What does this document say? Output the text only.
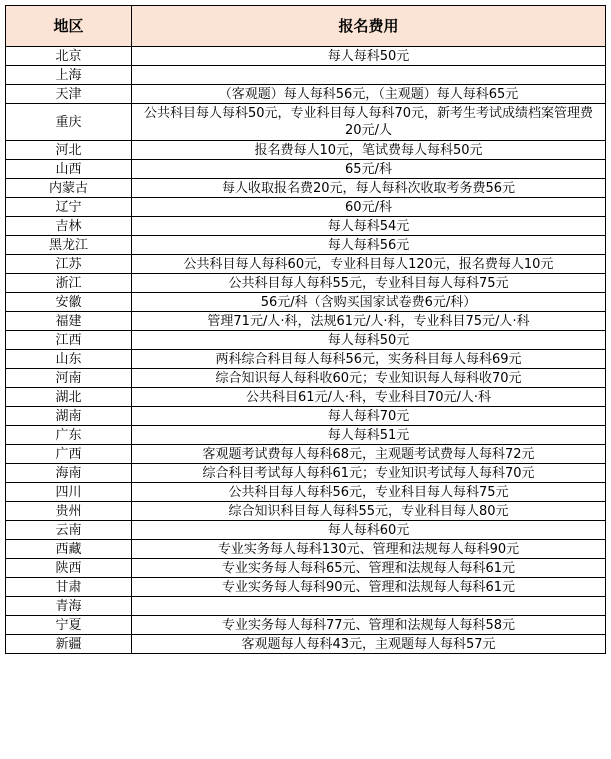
地区	报名费用
北京	每人每科50元
上海	
天津	（客观题）每人每科56元，（主观题）每人每科65元
重庆	公共科目每人每科50元，专业科目每人每科70元，新考生考试成绩档案管理费20元/人
河北	报名费每人10元，笔试费每人每科50元
山西	65元/科
内蒙古	每人收取报名费20元，每人每科次收取考务费56元
辽宁	60元/科
吉林	每人每科54元
黑龙江	每人每科56元
江苏	公共科目每人每科60元，专业科目每人120元，报名费每人10元
浙江	公共科目每人每科55元，专业科目每人每科75元
安徽	56元/科（含购买国家试卷费6元/科）
福建	管理71元/人·科，法规61元/人·科，专业科目75元/人·科
江西	每人每科50元
山东	两科综合科目每人每科56元，实务科目每人每科69元
河南	综合知识每人每科收60元；专业知识每人每科收70元
湖北	公共科目61元/人·科，专业科目70元/人·科
湖南	每人每科70元
广东	每人每科51元
广西	客观题考试费每人每科68元，主观题考试费每人每科72元
海南	综合科目考试每人每科61元；专业知识考试每人每科70元
四川	公共科目每人每科56元，专业科目每人每科75元
贵州	综合知识科目每人每科55元，专业科目每人80元
云南	每人每科60元
西藏	专业实务每人每科130元、管理和法规每人每科90元
陕西	专业实务每人每科65元、管理和法规每人每科61元
甘肃	专业实务每人每科90元、管理和法规每人每科61元
青海	
宁夏	专业实务每人每科77元、管理和法规每人每科58元
新疆	客观题每人每科43元，主观题每人每科57元
